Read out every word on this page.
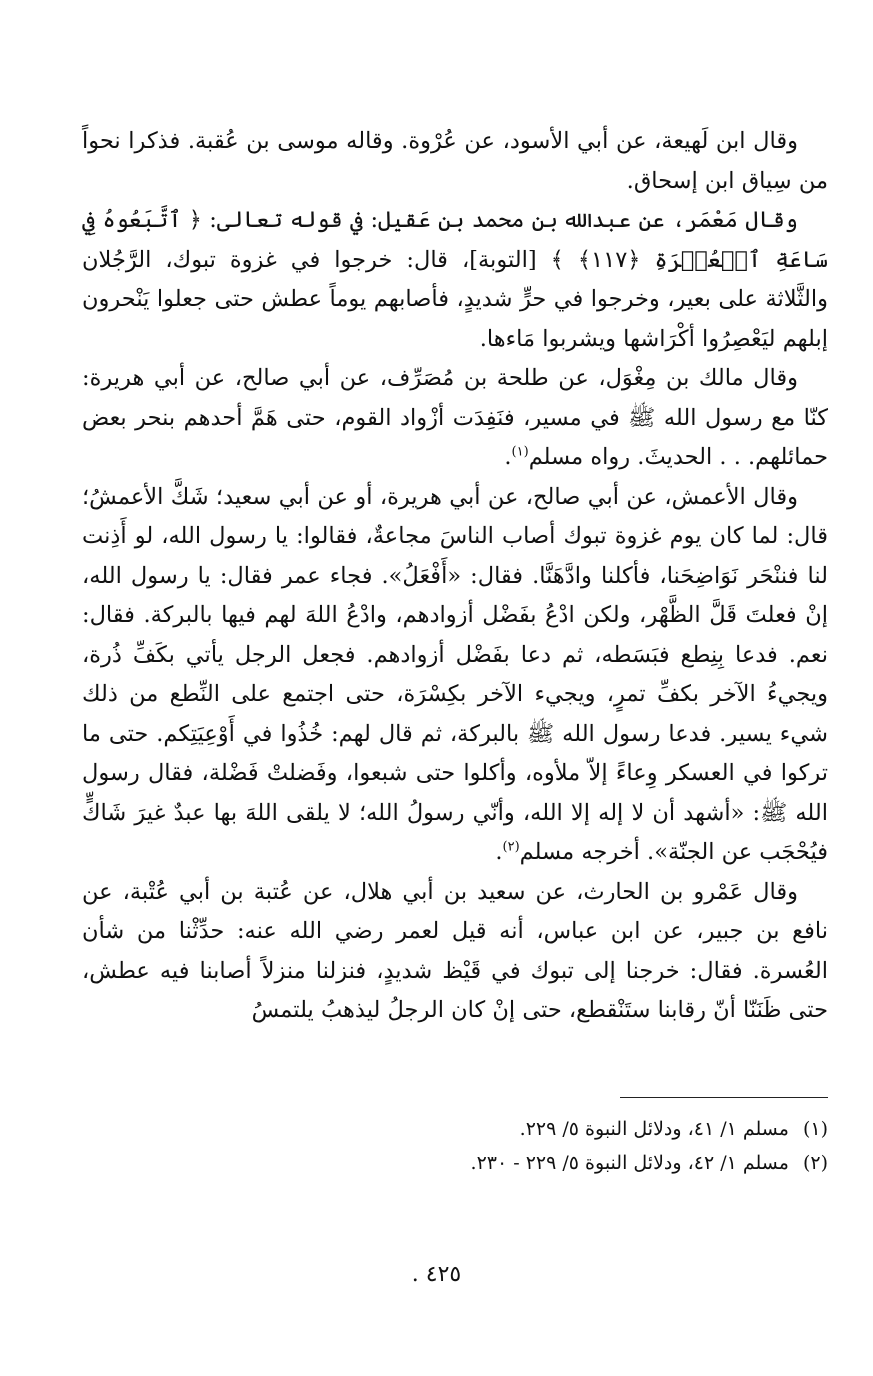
وقال ابن لَهيعة، عن أبي الأسود، عن عُرْوة. وقاله موسى بن عُقبة. فذكرا نحواً من سِياق ابن إسحاق.

وقال مَعْمَر، عن عبدالله بن محمد بن عَقيل: في قوله تعالى: ﴿ ٱتَّبَعُوهُ فِي سَاعَةِ ٱلۡعُسۡرَةِ ﴿١١٧﴾ ﴾ [التوبة]، قال: خرجوا في غزوة تبوك، الرَّجُلان والثَّلاثة على بعير، وخرجوا في حرٍّ شديدٍ، فأصابهم يوماً عطش حتى جعلوا يَنْحرون إبلهم ليَعْصِرُوا أكْرَاشها ويشربوا مَاءها.

وقال مالك بن مِغْوَل، عن طلحة بن مُصَرِّف، عن أبي صالح، عن أبي هريرة: كنّا مع رسول الله ﷺ في مسير، فنَفِدَت أزْواد القوم، حتى هَمَّ أحدهم بنحر بعض حمائلهم. . . الحديثَ. رواه مسلم$^{(١)}$.

وقال الأعمش، عن أبي صالح، عن أبي هريرة، أو عن أبي سعيد؛ شَكَّ الأعمشُ؛ قال: لما كان يوم غزوة تبوك أصاب الناسَ مجاعةٌ، فقالوا: يا رسول الله، لو أَذِنت لنا فننْحَر نَوَاضِحَنا، فأكلنا وادَّهَنَّا. فقال: «أَفْعَلُ». فجاء عمر فقال: يا رسول الله، إنْ فعلتَ قَلَّ الظَّهْر، ولكن ادْعُ بفَضْل أزوادهم، وادْعُ اللهَ لهم فيها بالبركة. فقال: نعم. فدعا بِنِطع فبَسَطه، ثم دعا بفَضْل أزوادهم. فجعل الرجل يأتي بكَفِّ ذُرة، ويجيءُ الآخر بكفِّ تمرٍ، ويجيء الآخر بكِسْرَة، حتى اجتمع على النِّطع من ذلك شيء يسير. فدعا رسول الله ﷺ بالبركة، ثم قال لهم: خُذُوا في أَوْعِيَتِكم. حتى ما تركوا في العسكر وِعاءً إلاّ ملأوه، وأكلوا حتى شبعوا، وفَضلتْ فَضْلة، فقال رسول الله ﷺ: «أشهد أن لا إله إلا الله، وأنّي رسولُ الله؛ لا يلقى اللهَ بها عبدٌ غيرَ شَاكٍّ فيُحْجَب عن الجنّة». أخرجه مسلم$^{(٢)}$.

وقال عَمْرو بن الحارث، عن سعيد بن أبي هلال، عن عُتبة بن أبي عُتْبة، عن نافع بن جبير، عن ابن عباس، أنه قيل لعمر رضي الله عنه: حدِّثْنا من شأن العُسرة. فقال: خرجنا إلى تبوك في قَيْظ شديدٍ، فنزلنا منزلاً أصابنا فيه عطش، حتى ظَنَنّا أنّ رقابنا ستَنْقطع، حتى إنْ كان الرجلُ ليذهبُ يلتمسُ

(١)مسلم ١/ ٤١، ودلائل النبوة ٥/ ٢٢٩.

(٢)مسلم ١/ ٤٢، ودلائل النبوة ٥/ ٢٢٩ - ٢٣٠.

. ٤٢٥
